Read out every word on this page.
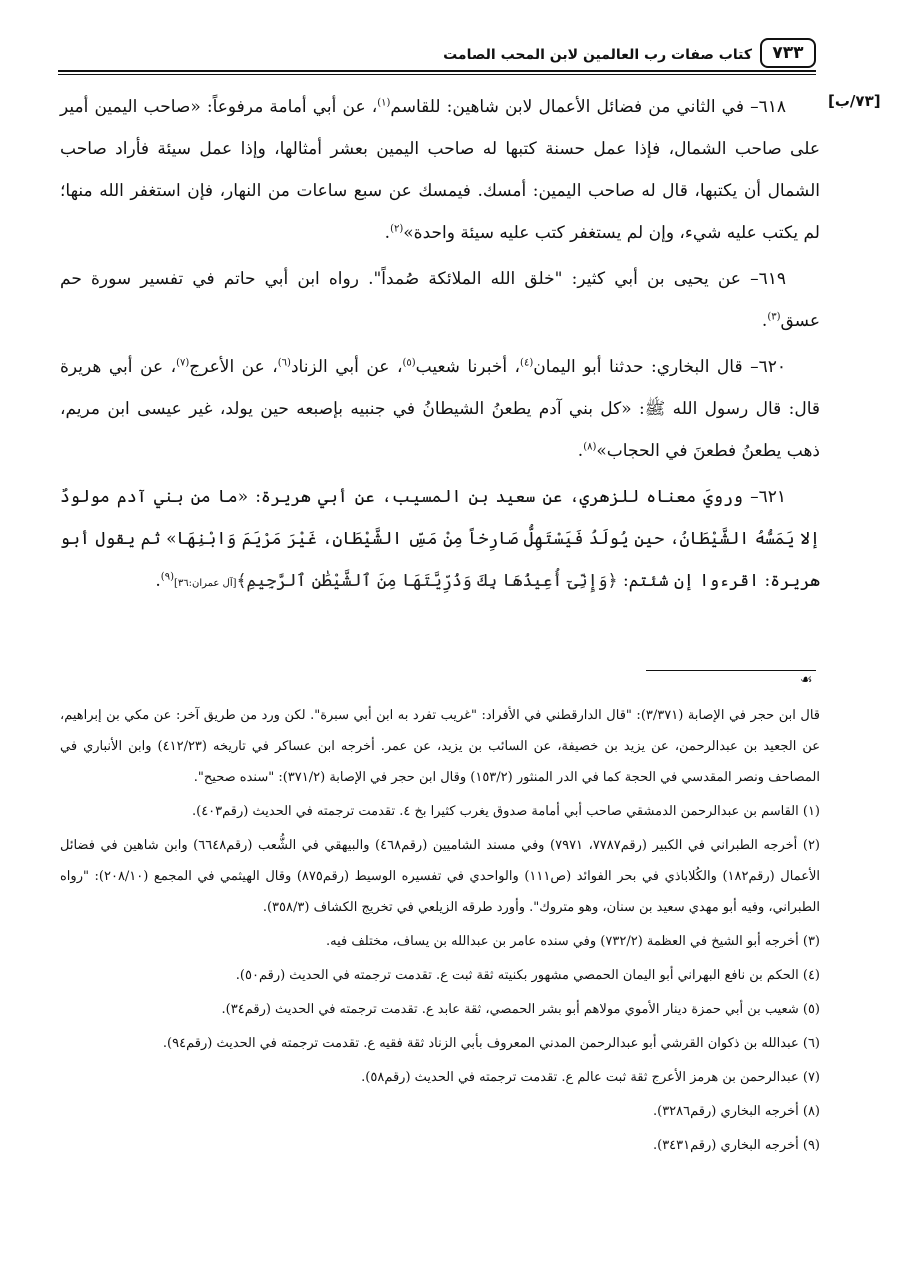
٧٣٣
كتاب صفات رب العالمين لابن المحب الصامت
[٧٣/ب]

٦١٨– في الثاني من فضائل الأعمال لابن شاهين: للقاسم$^{(١)}$، عن أبي أمامة مرفوعاً: «صاحب اليمين أمير على صاحب الشمال، فإذا عمل حسنة كتبها له صاحب اليمين بعشر أمثالها، وإذا عمل سيئة فأراد صاحب الشمال أن يكتبها، قال له صاحب اليمين: أمسك. فيمسك عن سبع ساعات من النهار، فإن استغفر الله منها؛ لم يكتب عليه شيء، وإن لم يستغفر كتب عليه سيئة واحدة»$^{(٢)}$.

٦١٩– عن يحيى بن أبي كثير: "خلق الله الملائكة صُمداً". رواه ابن أبي حاتم في تفسير سورة حم عسق$^{(٣)}$.

٦٢٠– قال البخاري: حدثنا أبو اليمان$^{(٤)}$، أخبرنا شعيب$^{(٥)}$، عن أبي الزناد$^{(٦)}$، عن الأعرج$^{(٧)}$، عن أبي هريرة قال: قال رسول الله ﷺ: «كل بني آدم يطعنُ الشيطانُ في جنبيه بإصبعه حين يولد، غير عيسى ابن مريم، ذهب يطعنُ فطعنَ في الحجاب»$^{(٨)}$.

٦٢١– ورويَ معناه للزهري، عن سعيد بن المسيب، عن أبي هريرة: «ما من بني آدم مولودٌ إلا يَمَسُّهُ الشَّيْطَانُ، حين يُولَدُ فَيَسْتَهِلُّ صَارِخاً مِنْ مَسِّ الشَّيْطَانِ، غَيْرَ مَرْيَمَ وَابْنِهَا» ثم يقول أبو هريرة: اقرءوا إن شئتم: ﴿وَإِنِّىٓ أُعِيذُهَا بِكَ وَذُرِّيَّتَهَا مِنَ ٱلشَّيْطَٰنِ ٱلرَّجِيمِ﴾[آل عمران:٣٦]$^{(٩)}$.

☙

قال ابن حجر في الإصابة (٣/٣٧١): "قال الدارقطني في الأفراد: "غريب تفرد به ابن أبي سبرة". لكن ورد من طريق آخر: عن مكي بن إبراهيم، عن الجعيد بن عبدالرحمن، عن يزيد بن خصيفة، عن السائب بن يزيد، عن عمر. أخرجه ابن عساكر في تاريخه (٤١٢/٢٣) وابن الأنباري في المصاحف ونصر المقدسي في الحجة كما في الدر المنثور (١٥٣/٢) وقال ابن حجر في الإصابة (٣٧١/٢): "سنده صحيح".

(١) القاسم بن عبدالرحمن الدمشقي صاحب أبي أمامة صدوق يغرب كثيرا بخ ٤. تقدمت ترجمته في الحديث (رقم٤٠٣).

(٢) أخرجه الطبراني في الكبير (رقم٧٧٨٧، ٧٩٧١) وفي مسند الشاميين (رقم٤٦٨) والبيهقي في الشُّعب (رقم٦٦٤٨) وابن شاهين في فضائل الأعمال (رقم١٨٢) والكُلاباذي في بحر الفوائد (ص١١١) والواحدي في تفسيره الوسيط (رقم٨٧٥) وقال الهيثمي في المجمع (٢٠٨/١٠): "رواه الطبراني، وفيه أبو مهدي سعيد بن سنان، وهو متروك". وأورد طرقه الزيلعي في تخريج الكشاف (٣٥٨/٣).

(٣) أخرجه أبو الشيخ في العظمة (٧٣٢/٢) وفي سنده عامر بن عبدالله بن يساف، مختلف فيه.

(٤) الحكم بن نافع البهراني أبو اليمان الحمصي مشهور بكنيته ثقة ثبت ع. تقدمت ترجمته في الحديث (رقم٥٠).

(٥) شعيب بن أبي حمزة دينار الأموي مولاهم أبو بشر الحمصي، ثقة عابد ع. تقدمت ترجمته في الحديث (رقم٣٤).

(٦) عبدالله بن ذكوان القرشي أبو عبدالرحمن المدني المعروف بأبي الزناد ثقة فقيه ع. تقدمت ترجمته في الحديث (رقم٩٤).

(٧) عبدالرحمن بن هرمز الأعرج ثقة ثبت عالم ع. تقدمت ترجمته في الحديث (رقم٥٨).

(٨) أخرجه البخاري (رقم٣٢٨٦).

(٩) أخرجه البخاري (رقم٣٤٣١).
